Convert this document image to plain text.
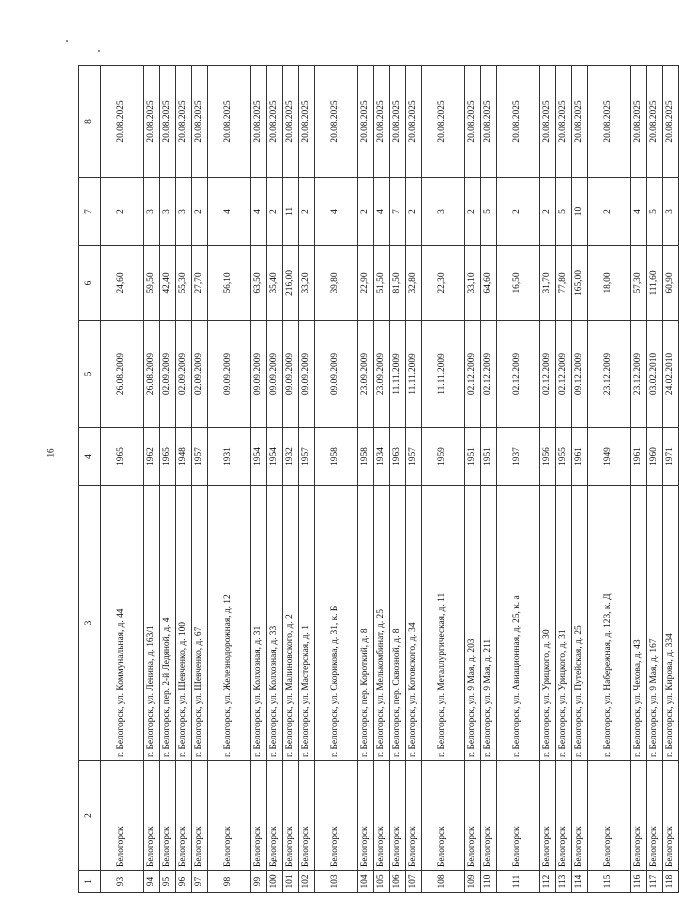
16
1	2	3	4	5	6	7	8
93	Белогорск	г. Белогорск, ул. Коммунальная, д. 44	1965	26.08.2009	24,60	2	20.08.2025
94	Белогорск	г. Белогорск, ул. Ленина, д. 163/1	1962	26.08.2009	59,50	3	20.08.2025
95	Белогорск	г. Белогорск, пер. 2-й Ледяной, д. 4	1965	02.09.2009	42,40	3	20.08.2025
96	Белогорск	г. Белогорск, ул. Шевченко, д. 100	1948	02.09.2009	55,30	3	20.08.2025
97	Белогорск	г. Белогорск, ул. Шевченко, д. 67	1957	02.09.2009	27,70	2	20.08.2025
98	Белогорск	г. Белогорск, ул. Железнодорожная, д. 12	1931	09.09.2009	56,10	4	20.08.2025
99	Белогорск	г. Белогорск, ул. Колхозная, д. 31	1954	09.09.2009	63,50	4	20.08.2025
100	Белогорск	г. Белогорск, ул. Колхозная, д. 33	1954	09.09.2009	35,40	2	20.08.2025
101	Белогорск	г. Белогорск, ул. Малиновского, д. 2	1932	09.09.2009	216,00	11	20.08.2025
102	Белогорск	г. Белогорск, ул. Мастерская, д. 1	1957	09.09.2009	33,20	2	20.08.2025
103	Белогорск	г. Белогорск, ул. Скорикова, д. 31, к. Б	1958	09.09.2009	39,80	4	20.08.2025
104	Белогорск	г. Белогорск, пер. Короткий, д. 8	1958	23.09.2009	22,90	2	20.08.2025
105	Белогорск	г. Белогорск, ул. Мелькомбинат, д. 25	1934	23.09.2009	51,50	4	20.08.2025
106	Белогорск	г. Белогорск, пер. Сквозной, д. 8	1963	11.11.2009	81,50	7	20.08.2025
107	Белогорск	г. Белогорск, ул. Котовского, д. 34	1957	11.11.2009	32,80	2	20.08.2025
108	Белогорск	г. Белогорск, ул. Металлургическая, д. 11	1959	11.11.2009	22,30	3	20.08.2025
109	Белогорск	г. Белогорск, ул. 9 Мая, д. 203	1951	02.12.2009	33,10	2	20.08.2025
110	Белогорск	г. Белогорск, ул. 9 Мая, д. 211	1951	02.12.2009	64,60	5	20.08.2025
111	Белогорск	г. Белогорск, ул. Авиационная, д. 25, к. а	1937	02.12.2009	16,50	2	20.08.2025
112	Белогорск	г. Белогорск, ул. Урицкого, д. 30	1956	02.12.2009	31,70	2	20.08.2025
113	Белогорск	г. Белогорск, ул. Урицкого, д. 31	1955	02.12.2009	77,80	5	20.08.2025
114	Белогорск	г. Белогорск, ул. Путейская, д. 25	1961	09.12.2009	165,00	10	20.08.2025
115	Белогорск	г. Белогорск, ул. Набережная, д. 123, к. Д	1949	23.12.2009	18,00	2	20.08.2025
116	Белогорск	г. Белогорск, ул. Чехова, д. 43	1961	23.12.2009	57,30	4	20.08.2025
117	Белогорск	г. Белогорск, ул. 9 Мая, д. 167	1960	03.02.2010	111,60	5	20.08.2025
118	Белогорск	г. Белогорск, ул. Кирова, д. 334	1971	24.02.2010	60,90	3	20.08.2025
